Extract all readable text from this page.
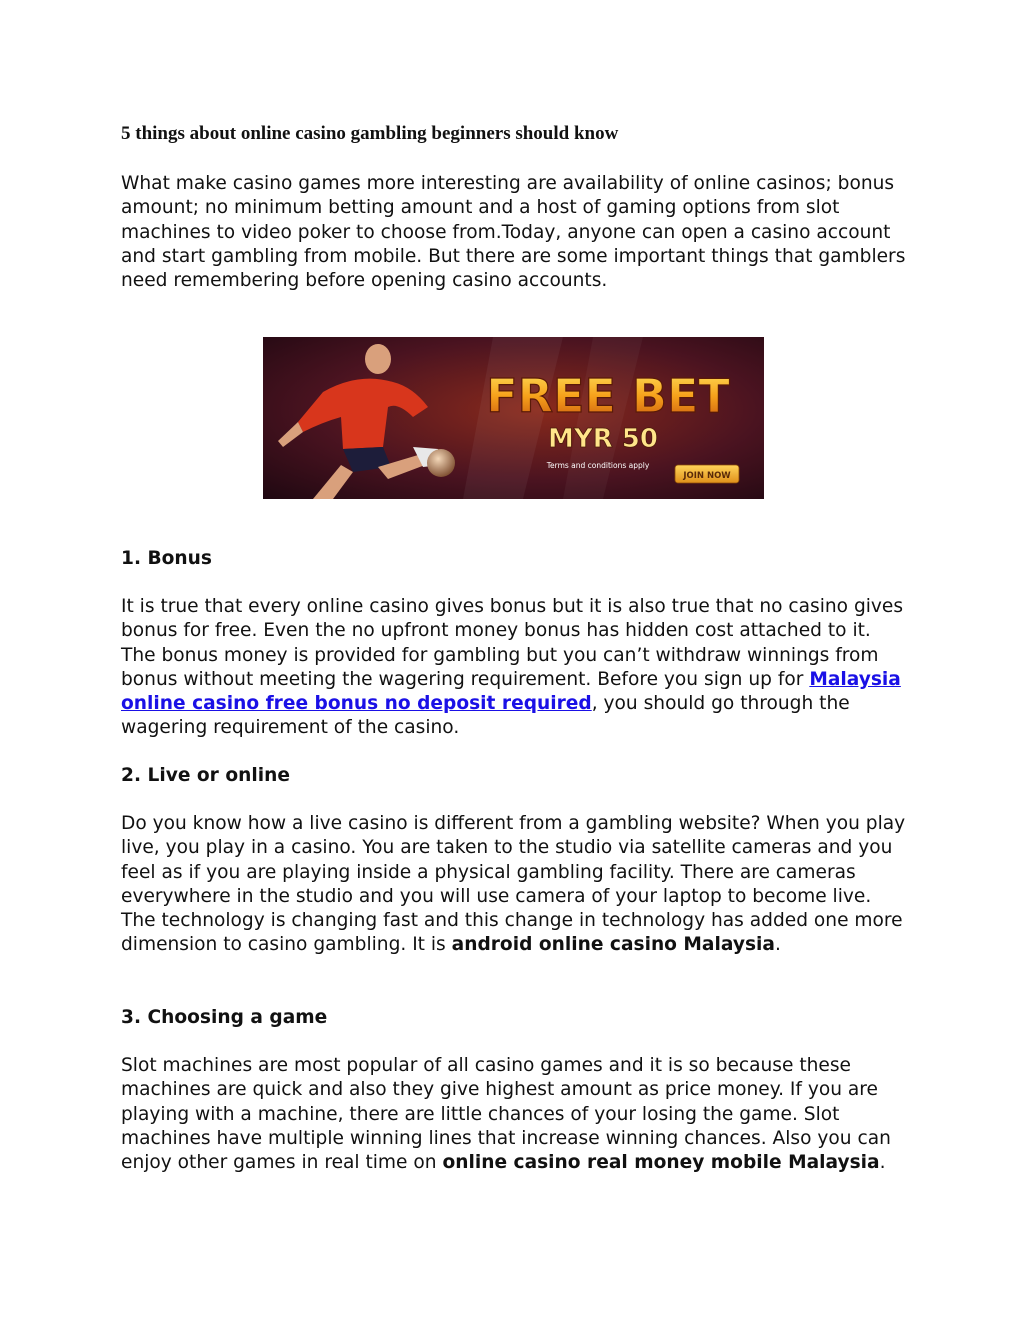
5 things about online casino gambling beginners should know

What make casino games more interesting are availability of online casinos; bonus amount; no minimum betting amount and a host of gaming options from slot machines to video poker to choose from.Today, anyone can open a casino account and start gambling from mobile. But there are some important things that gamblers need remembering before opening casino accounts.

1. Bonus

It is true that every online casino gives bonus but it is also true that no casino gives bonus for free. Even the no upfront money bonus has hidden cost attached to it. The bonus money is provided for gambling but you can’t withdraw winnings from bonus without meeting the wagering requirement. Before you sign up for Malaysia online casino free bonus no deposit required, you should go through the wagering requirement of the casino.

2. Live or online

Do you know how a live casino is different from a gambling website? When you play live, you play in a casino. You are taken to the studio via satellite cameras and you feel as if you are playing inside a physical gambling facility. There are cameras everywhere in the studio and you will use camera of your laptop to become live. The technology is changing fast and this change in technology has added one more dimension to casino gambling. It is android online casino Malaysia.

3. Choosing a game

Slot machines are most popular of all casino games and it is so because these machines are quick and also they give highest amount as price money. If you are playing with a machine, there are little chances of your losing the game. Slot machines have multiple winning lines that increase winning chances. Also you can enjoy other games in real time on online casino real money mobile Malaysia.

FREE BET
MYR 50
Terms and conditions apply
JOIN NOW
